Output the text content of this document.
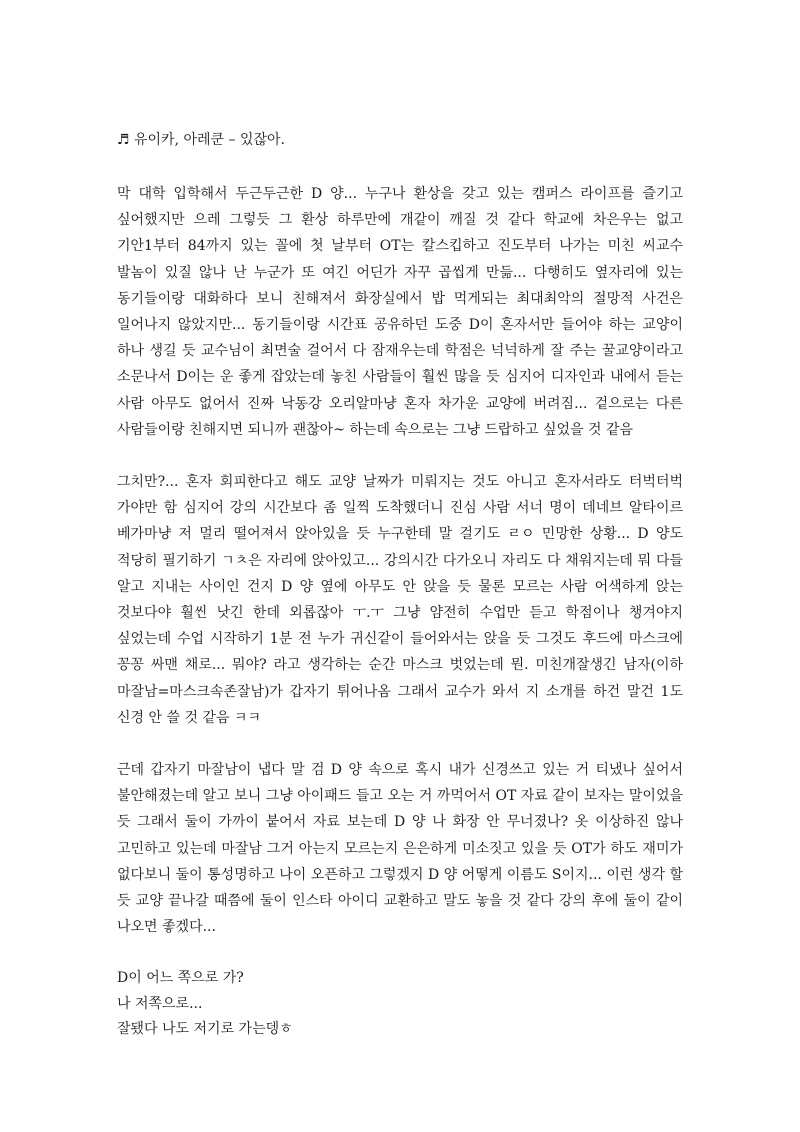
♬ 유이카, 아레쿤 – 있잖아.

막 대학 입학해서 두근두근한 D 양... 누구나 환상을 갖고 있는 캠퍼스 라이프를 즐기고 싶어했지만 으레 그렇듯 그 환상 하루만에 개같이 깨질 것 같다 학교에 차은우는 없고 기안1부터 84까지 있는 꼴에 첫 날부터 OT는 칼스킵하고 진도부터 나가는 미친 씨교수 발놈이 있질 않나 난 누군가 또 여긴 어딘가 자꾸 곱씹게 만듦... 다행히도 옆자리에 있는 동기들이랑 대화하다 보니 친해져서 화장실에서 밥 먹게되는 최대최악의 절망적 사건은 일어나지 않았지만... 동기들이랑 시간표 공유하던 도중 D이 혼자서만 들어야 하는 교양이 하나 생길 듯 교수님이 최면술 걸어서 다 잠재우는데 학점은 넉넉하게 잘 주는 꿀교양이라고 소문나서 D이는 운 좋게 잡았는데 놓친 사람들이 훨씬 많을 듯 심지어 디자인과 내에서 듣는 사람 아무도 없어서 진짜 낙동강 오리알마냥 혼자 차가운 교양에 버려짐... 겉으로는 다른 사람들이랑 친해지면 되니까 괜찮아~ 하는데 속으로는 그냥 드랍하고 싶었을 것 같음

그치만?... 혼자 회피한다고 해도 교양 날짜가 미뤄지는 것도 아니고 혼자서라도 터벅터벅 가야만 함 심지어 강의 시간보다 좀 일찍 도착했더니 진심 사람 서너 명이 데네브 알타이르 베가마냥 저 멀리 떨어져서 앉아있을 듯 누구한테 말 걸기도 ㄹㅇ 민망한 상황... D 양도 적당히 필기하기 ㄱㅊ은 자리에 앉아있고... 강의시간 다가오니 자리도 다 채워지는데 뭐 다들 알고 지내는 사이인 건지 D 양 옆에 아무도 안 앉을 듯 물론 모르는 사람 어색하게 앉는 것보다야 훨씬 낫긴 한데 외롭잖아 ㅜ.ㅜ 그냥 얌전히 수업만 듣고 학점이나 챙겨야지 싶었는데 수업 시작하기 1분 전 누가 귀신같이 들어와서는 앉을 듯 그것도 후드에 마스크에 꽁꽁 싸맨 채로... 뭐야? 라고 생각하는 순간 마스크 벗었는데 뭔. 미친개잘생긴 남자(이하 마잘남=마스크속존잘남)가 갑자기 튀어나옴 그래서 교수가 와서 지 소개를 하건 말건 1도 신경 안 쓸 것 같음 ㅋㅋ

근데 갑자기 마잘남이 냅다 말 검 D 양 속으로 혹시 내가 신경쓰고 있는 거 티냈나 싶어서 불안해졌는데 알고 보니 그냥 아이패드 들고 오는 거 까먹어서 OT 자료 같이 보자는 말이었을 듯 그래서 둘이 가까이 붙어서 자료 보는데 D 양 나 화장 안 무너졌나? 옷 이상하진 않나 고민하고 있는데 마잘남 그거 아는지 모르는지 은은하게 미소짓고 있을 듯 OT가 하도 재미가 없다보니 둘이 통성명하고 나이 오픈하고 그렇겠지 D 양 어떻게 이름도 S이지... 이런 생각 할 듯 교양 끝나갈 때쯤에 둘이 인스타 아이디 교환하고 말도 놓을 것 같다 강의 후에 둘이 같이 나오면 좋겠다...

D이 어느 쪽으로 가?
나 저쪽으로...
잘됐다 나도 저기로 가는뎅ㅎ
